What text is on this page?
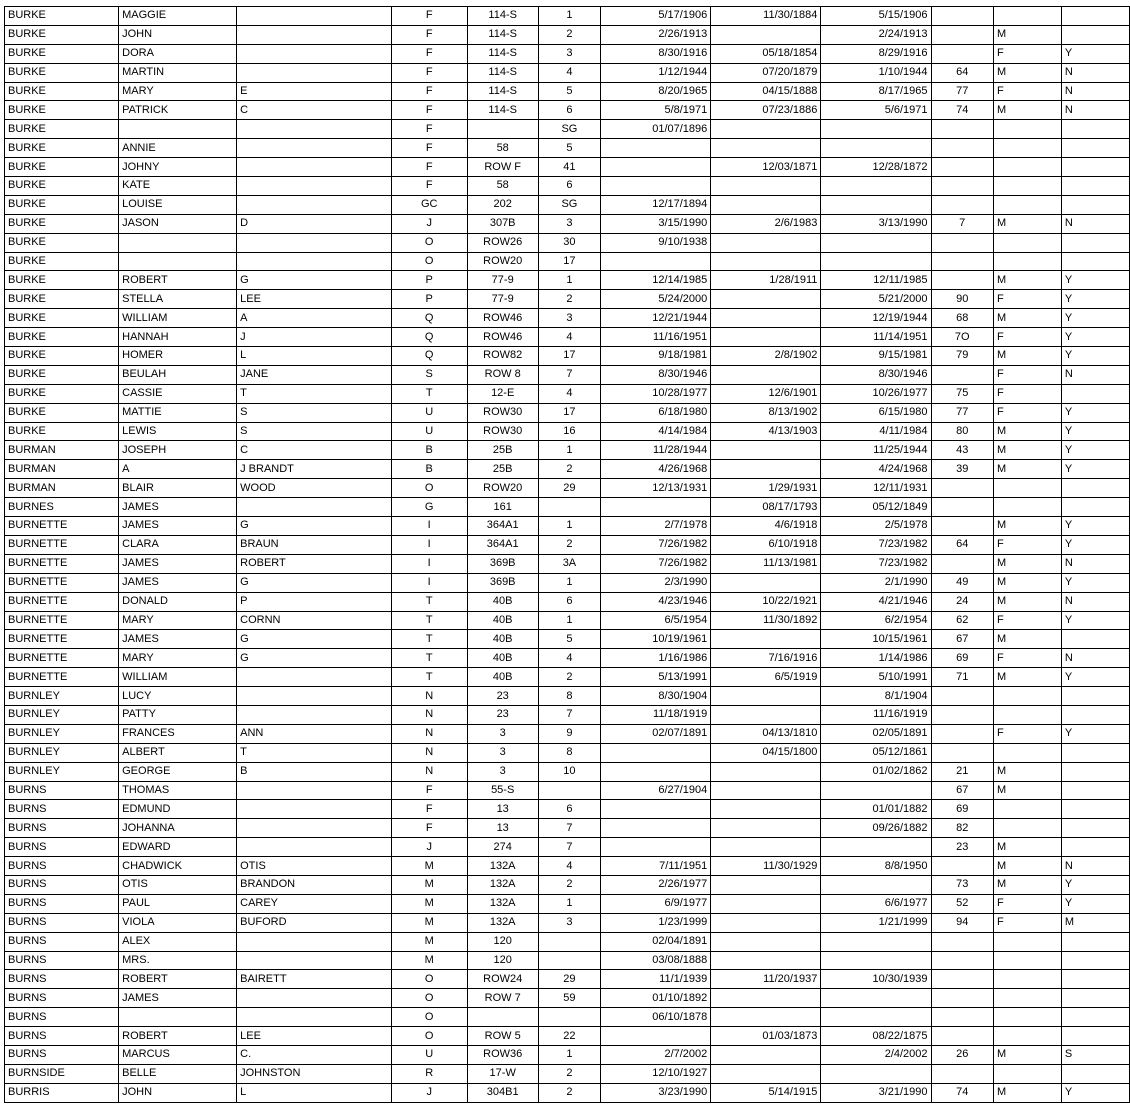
BURKE	MAGGIE		F	114-S	1	5/17/1906	11/30/1884	5/15/1906			
BURKE	JOHN		F	114-S	2	2/26/1913		2/24/1913		M	
BURKE	DORA		F	114-S	3	8/30/1916	05/18/1854	8/29/1916		F	Y
BURKE	MARTIN		F	114-S	4	1/12/1944	07/20/1879	1/10/1944	64	M	N
BURKE	MARY	E	F	114-S	5	8/20/1965	04/15/1888	8/17/1965	77	F	N
BURKE	PATRICK	C	F	114-S	6	5/8/1971	07/23/1886	5/6/1971	74	M	N
BURKE			F		SG	01/07/1896					
BURKE	ANNIE		F	58	5						
BURKE	JOHNY		F	ROW F	41		12/03/1871	12/28/1872			
BURKE	KATE		F	58	6						
BURKE	LOUISE		GC	202	SG	12/17/1894					
BURKE	JASON	D	J	307B	3	3/15/1990	2/6/1983	3/13/1990	7	M	N
BURKE			O	ROW26	30	9/10/1938					
BURKE			O	ROW20	17						
BURKE	ROBERT	G	P	77-9	1	12/14/1985	1/28/1911	12/11/1985		M	Y
BURKE	STELLA	LEE	P	77-9	2	5/24/2000		5/21/2000	90	F	Y
BURKE	WILLIAM	A	Q	ROW46	3	12/21/1944		12/19/1944	68	M	Y
BURKE	HANNAH	J	Q	ROW46	4	11/16/1951		11/14/1951	7O	F	Y
BURKE	HOMER	L	Q	ROW82	17	9/18/1981	2/8/1902	9/15/1981	79	M	Y
BURKE	BEULAH	JANE	S	ROW 8	7	8/30/1946		8/30/1946		F	N
BURKE	CASSIE	T	T	12-E	4	10/28/1977	12/6/1901	10/26/1977	75	F	
BURKE	MATTIE	S	U	ROW30	17	6/18/1980	8/13/1902	6/15/1980	77	F	Y
BURKE	LEWIS	S	U	ROW30	16	4/14/1984	4/13/1903	4/11/1984	80	M	Y
BURMAN	JOSEPH	C	B	25B	1	11/28/1944		11/25/1944	43	M	Y
BURMAN	A	J BRANDT	B	25B	2	4/26/1968		4/24/1968	39	M	Y
BURMAN	BLAIR	WOOD	O	ROW20	29	12/13/1931	1/29/1931	12/11/1931			
BURNES	JAMES		G	161			08/17/1793	05/12/1849			
BURNETTE	JAMES	G	I	364A1	1	2/7/1978	4/6/1918	2/5/1978		M	Y
BURNETTE	CLARA	BRAUN	I	364A1	2	7/26/1982	6/10/1918	7/23/1982	64	F	Y
BURNETTE	JAMES	ROBERT	I	369B	3A	7/26/1982	11/13/1981	7/23/1982		M	N
BURNETTE	JAMES	G	I	369B	1	2/3/1990		2/1/1990	49	M	Y
BURNETTE	DONALD	P	T	40B	6	4/23/1946	10/22/1921	4/21/1946	24	M	N
BURNETTE	MARY	CORNN	T	40B	1	6/5/1954	11/30/1892	6/2/1954	62	F	Y
BURNETTE	JAMES	G	T	40B	5	10/19/1961		10/15/1961	67	M	
BURNETTE	MARY	G	T	40B	4	1/16/1986	7/16/1916	1/14/1986	69	F	N
BURNETTE	WILLIAM		T	40B	2	5/13/1991	6/5/1919	5/10/1991	71	M	Y
BURNLEY	LUCY		N	23	8	8/30/1904		8/1/1904			
BURNLEY	PATTY		N	23	7	11/18/1919		11/16/1919			
BURNLEY	FRANCES	ANN	N	3	9	02/07/1891	04/13/1810	02/05/1891		F	Y
BURNLEY	ALBERT	T	N	3	8		04/15/1800	05/12/1861			
BURNLEY	GEORGE	B	N	3	10			01/02/1862	21	M	
BURNS	THOMAS		F	55-S		6/27/1904			67	M	
BURNS	EDMUND		F	13	6			01/01/1882	69		
BURNS	JOHANNA		F	13	7			09/26/1882	82		
BURNS	EDWARD		J	274	7				23	M	
BURNS	CHADWICK	OTIS	M	132A	4	7/11/1951	11/30/1929	8/8/1950		M	N
BURNS	OTIS	BRANDON	M	132A	2	2/26/1977			73	M	Y
BURNS	PAUL	CAREY	M	132A	1	6/9/1977		6/6/1977	52	F	Y
BURNS	VIOLA	BUFORD	M	132A	3	1/23/1999		1/21/1999	94	F	M
BURNS	ALEX		M	120		02/04/1891					
BURNS	MRS.		M	120		03/08/1888					
BURNS	ROBERT	BAIRETT	O	ROW24	29	11/1/1939	11/20/1937	10/30/1939			
BURNS	JAMES		O	ROW 7	59	01/10/1892					
BURNS			O			06/10/1878					
BURNS	ROBERT	LEE	O	ROW 5	22		01/03/1873	08/22/1875			
BURNS	MARCUS	C.	U	ROW36	1	2/7/2002		2/4/2002	26	M	S
BURNSIDE	BELLE	JOHNSTON	R	17-W	2	12/10/1927					
BURRIS	JOHN	L	J	304B1	2	3/23/1990	5/14/1915	3/21/1990	74	M	Y
